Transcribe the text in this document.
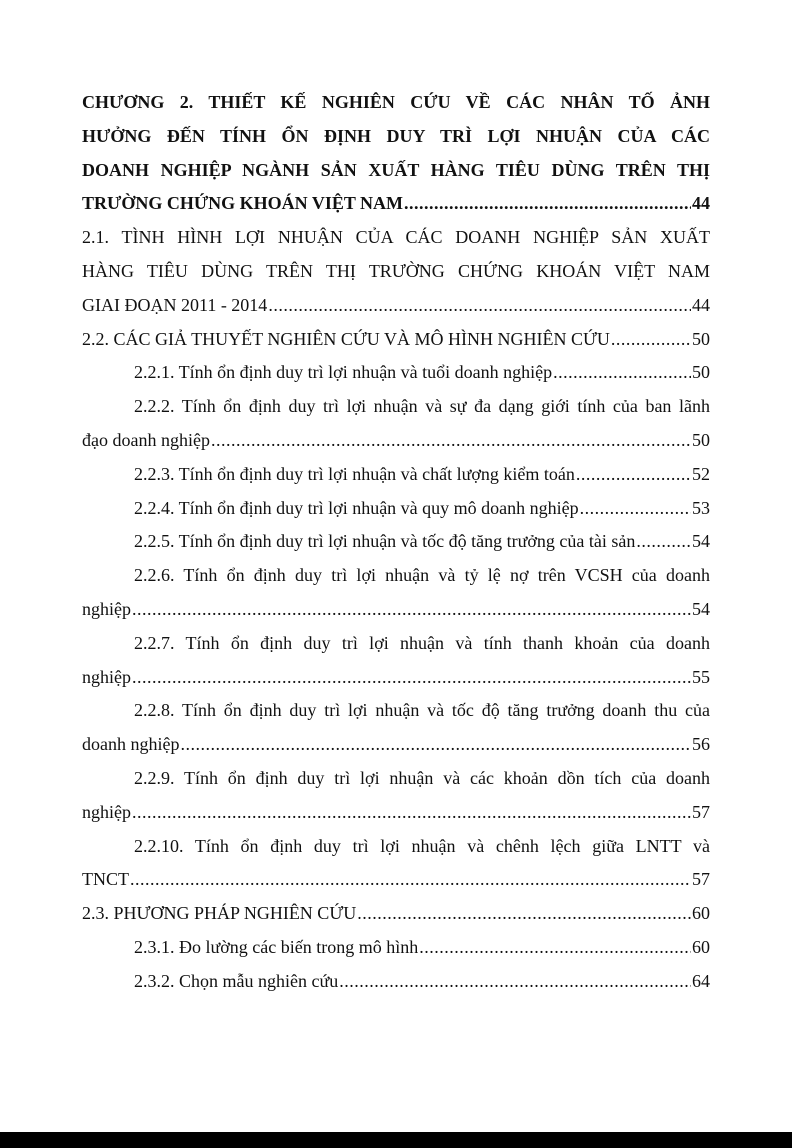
CHƯƠNG 2. THIẾT KẾ NGHIÊN CỨU VỀ CÁC NHÂN TỐ ẢNH
HƯỞNG ĐẾN TÍNH ỔN ĐỊNH DUY TRÌ LỢI NHUẬN CỦA CÁC
DOANH NGHIỆP NGÀNH SẢN XUẤT HÀNG TIÊU DÙNG TRÊN THỊ
TRƯỜNG CHỨNG KHOÁN VIỆT NAM .....	44
2.1. TÌNH HÌNH LỢI NHUẬN CỦA CÁC DOANH NGHIỆP SẢN XUẤT
HÀNG TIÊU DÙNG TRÊN THỊ TRƯỜNG CHỨNG KHOÁN VIỆT NAM
GIAI ĐOẠN 2011 - 2014 .....	44
2.2. CÁC GIẢ THUYẾT NGHIÊN CỨU VÀ MÔ HÌNH NGHIÊN CỨU .....	50
2.2.1. Tính ổn định duy trì lợi nhuận và tuổi doanh nghiệp .....	50
2.2.2. Tính ổn định duy trì lợi nhuận và sự đa dạng giới tính của ban lãnh
đạo doanh nghiệp .....	50
2.2.3. Tính ổn định duy trì lợi nhuận và chất lượng kiểm toán .....	52
2.2.4. Tính ổn định duy trì lợi nhuận và quy mô doanh nghiệp .....	53
2.2.5. Tính ổn định duy trì lợi nhuận và tốc độ tăng trưởng của tài sản .....	54
2.2.6. Tính ổn định duy trì lợi nhuận và tỷ lệ nợ trên VCSH của doanh
nghiệp .....	54
2.2.7. Tính ổn định duy trì lợi nhuận và tính thanh khoản của doanh
nghiệp .....	55
2.2.8. Tính ổn định duy trì lợi nhuận và tốc độ tăng trưởng doanh thu của
doanh nghiệp .....	56
2.2.9. Tính ổn định duy trì lợi nhuận và các khoản dồn tích của doanh
nghiệp .....	57
2.2.10. Tính ổn định duy trì lợi nhuận và chênh lệch giữa LNTT và
TNCT .....	57
2.3. PHƯƠNG PHÁP NGHIÊN CỨU .....	60
2.3.1. Đo lường các biến trong mô hình .....	60
2.3.2. Chọn mẫu nghiên cứu .....	64
